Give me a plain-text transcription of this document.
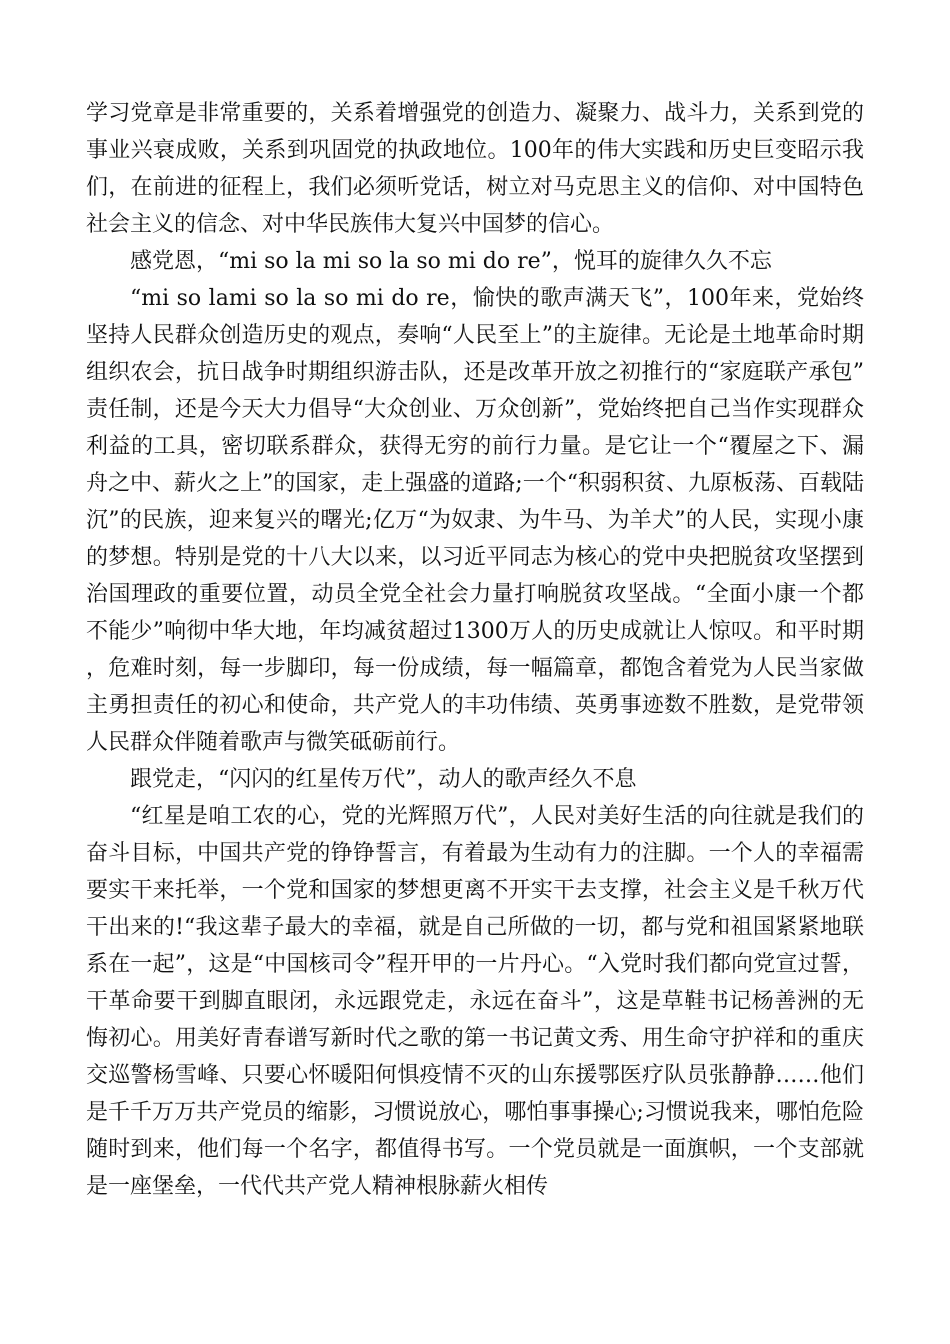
学习党章是非常重要的，关系着增强党的创造力、凝聚力、战斗力，关系到党的事业兴衰成败，关系到巩固党的执政地位。100年的伟大实践和历史巨变昭示我们，在前进的征程上，我们必须听党话，树立对马克思主义的信仰、对中国特色社会主义的信念、对中华民族伟大复兴中国梦的信心。

感党恩，“mi so la mi so la so mi do re”，悦耳的旋律久久不忘

“mi so lami so la so mi do re，愉快的歌声满天飞”，100年来，党始终坚持人民群众创造历史的观点，奏响“人民至上”的主旋律。无论是土地革命时期组织农会，抗日战争时期组织游击队，还是改革开放之初推行的“家庭联产承包”责任制，还是今天大力倡导“大众创业、万众创新”，党始终把自己当作实现群众利益的工具，密切联系群众，获得无穷的前行力量。是它让一个“覆屋之下、漏舟之中、薪火之上”的国家，走上强盛的道路;一个“积弱积贫、九原板荡、百载陆沉”的民族，迎来复兴的曙光;亿万“为奴隶、为牛马、为羊犬”的人民，实现小康的梦想。特别是党的十八大以来，以习近平同志为核心的党中央把脱贫攻坚摆到治国理政的重要位置，动员全党全社会力量打响脱贫攻坚战。“全面小康一个都不能少”响彻中华大地，年均减贫超过1300万人的历史成就让人惊叹。和平时期，危难时刻，每一步脚印，每一份成绩，每一幅篇章，都饱含着党为人民当家做主勇担责任的初心和使命，共产党人的丰功伟绩、英勇事迹数不胜数，是党带领人民群众伴随着歌声与微笑砥砺前行。

跟党走，“闪闪的红星传万代”，动人的歌声经久不息

“红星是咱工农的心，党的光辉照万代”，人民对美好生活的向往就是我们的奋斗目标，中国共产党的铮铮誓言，有着最为生动有力的注脚。一个人的幸福需要实干来托举，一个党和国家的梦想更离不开实干去支撑，社会主义是千秋万代干出来的!“我这辈子最大的幸福，就是自己所做的一切，都与党和祖国紧紧地联系在一起”，这是“中国核司令”程开甲的一片丹心。“入党时我们都向党宣过誓，干革命要干到脚直眼闭，永远跟党走，永远在奋斗”，这是草鞋书记杨善洲的无悔初心。用美好青春谱写新时代之歌的第一书记黄文秀、用生命守护祥和的重庆交巡警杨雪峰、只要心怀暖阳何惧疫情不灭的山东援鄂医疗队员张静静……他们是千千万万共产党员的缩影，习惯说放心，哪怕事事操心;习惯说我来，哪怕危险随时到来，他们每一个名字，都值得书写。一个党员就是一面旗帜，一个支部就是一座堡垒，一代代共产党人精神根脉薪火相传
